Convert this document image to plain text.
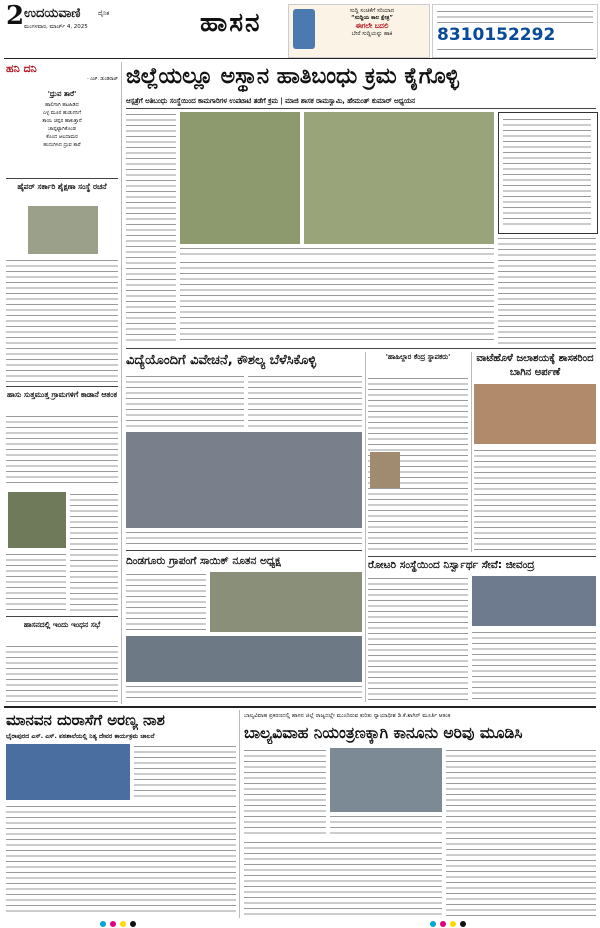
2 ಉದಯವಾಣಿ	ದೈನಿಕ
ಮಂಗಳವಾರ, ಮಾರ್ಚ್ 4, 2025	ಹಾಸನ	ಸುದ್ದಿ ಸಂಚಿಕೆಗೆ ಸರಿಯಾದ
“ಸುದ್ದಿಯ ಕಾಲ ಕ್ಷೇತ್ರ”
ಈಗಲೇ ಬದಲಿ
ಬೇರೆ ಸುದ್ದಿಯನ್ನು ಹಾಕಿ	8310152292
ಹನಿ ದನಿ
- ಎಚ್. ಡುಂಡಿರಾಜ್
'ಧ್ರುವ ತಾರೆ'
ಹಾಲಿಗಾಗಿ ಹಟಹಿಡಿದ
ಎಳ್ಳ ಮೂರ ಹುಡುಗನಿಗೆ
ತಾಯಿ ಚಪ್ಪರ ಹಾಕುತ್ತಾನೆ
ಚಾಪ್ಪಟ್ಟಾಗಿಕೊಂಡ
ಕೊಂದ ಆಲದಾಮರ
ಹುದುಗಿಸಿದ ಧ್ರುವ ತಾರೆ
ಹೈಪರ್ ಸರ್ಕಾರಿ ಶೈಕ್ಷಣಾ ಸಂಸ್ಥೆ ರಚನೆ
ಹಾಸು ಸುತ್ತಮುತ್ತ ಗ್ರಾಮಗಳಿಗೆ ಕಾಡಾನೆ ಆತಂಕ
ಹಾಸನದಲ್ಲಿ ಇಂದು ಇಂಧನ ಸಭೆ
ಜಿಲ್ಲೆಯಲ್ಲೂ ಅಸ್ಥಾನ ಹಾತಿಬಂಧು ಕ್ರಮ ಕೈಗೊಳ್ಳಿ
ಆಸ್ಪತ್ರೆಗೆ ಅತಿಬಂಧು ಸಂಸ್ಥೆಯಿಂದ ಕಾಮಗಾರಿಗಳ ಉಪಟಾಟಿ ತಡೆಗೆ ಕ್ರಮ | ಮಾಜಿ ಶಾಸಕ ರಾಮಸ್ವಾಮಿ, ಹೇಮಂತ್ ಕುಮಾರ್ ಅಧ್ಯಯನ
ವಿದ್ಯೆಯೊಂದಿಗೆ ವಿವೇಚನೆ, ಕೌಶಲ್ಯ ಬೆಳೆಸಿಕೊಳ್ಳಿ
ದಿಂಡಗೂರು ಗ್ರಾಪಂಗೆ ಸಾಯಿಕ್ ನೂತನ ಅಧ್ಯಕ್ಷ
'ಹಾಹಿಲ್ದಾರ ಕೆಂದ್ರ ಸ್ಥಾಪಕರು'	ವಾಟೆಹೊಳೆ ಜಲಾಶಯಕ್ಕೆ ಶಾಸಕರಿಂದ ಬಾಗಿನ ಅರ್ಪಣೆ
ರೋಟರಿ ಸಂಸ್ಥೆಯಿಂದ ನಿರ್ಸ್ವಾರ್ಥ ಸೇವೆ: ಜೀವಂದ್ರ
ಮಾನವನ ದುರಾಸೆಗೆ ಅರಣ್ಯ ನಾಶ
ಭೈರಾಪುರದ ಎಸ್. ಎಸ್. ಪಠಶಾಲೆಯಲ್ಲಿ ನಿತ್ಯ ದೇವರ ಕಾರ್ಯಕ್ರಮ ಚಾಲನೆ
ಬಾಲ್ಯವಿವಾಹ ಪ್ರಕರಣದಲ್ಲಿ ಹಾಸನ ಜಿಲ್ಲೆ ರಾಜ್ಯದಲ್ಲೇ ಮುಂದಿರುವ ಕುರಿತು ನ್ಯಾಯಾಧೀಶ ಡಿ.ಕೆ.ಶಾಗಿನ್ ಮೂರ್ತಿ ಆತಂಕ
ಬಾಲ್ಯವಿವಾಹ ನಿಯಂತ್ರಣಕ್ಕಾಗಿ ಕಾನೂನು ಅರಿವು ಮೂಡಿಸಿ
